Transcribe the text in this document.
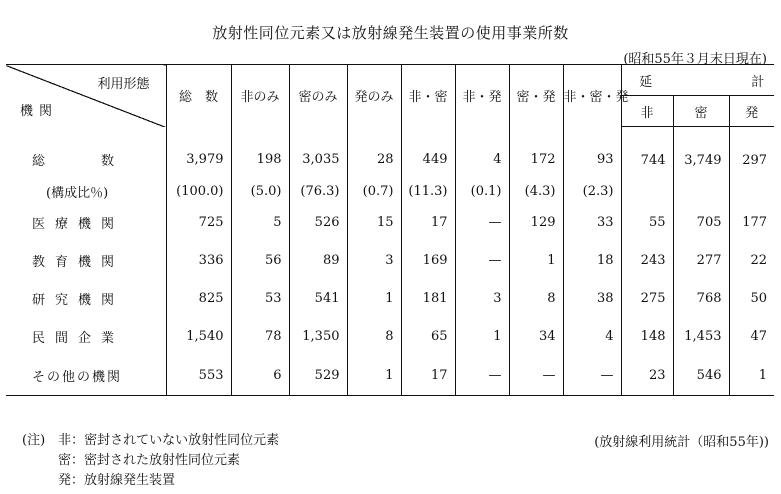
放射性同位元素又は放射線発生装置の使用事業所数
(昭和55年３月末日現在)
利用形態
機関	総　数	非のみ	密のみ	発のみ	非・密	非・発	密・発	非・密・発	延 計		
									非	密	発
総　　数	3,979	198	3,035	28	449	4	172	93	744	3,749	297
(構成比％)	(100.0)	(5.0)	(76.3)	(0.7)	(11.3)	(0.1)	(4.3)	(2.3)			
医療機関	725	5	526	15	17	—	129	33	55	705	177
教育機関	336	56	89	3	169	—	1	18	243	277	22
研究機関	825	53	541	1	181	3	8	38	275	768	50
民間企業	1,540	78	1,350	8	65	1	34	4	148	1,453	47
その他の機関	553	6	529	1	17	—	—	—	23	546	1
(注)　非：密封されていない放射性同位元素
密：密封された放射性同位元素
発：放射線発生装置
(放射線利用統計（昭和55年))
